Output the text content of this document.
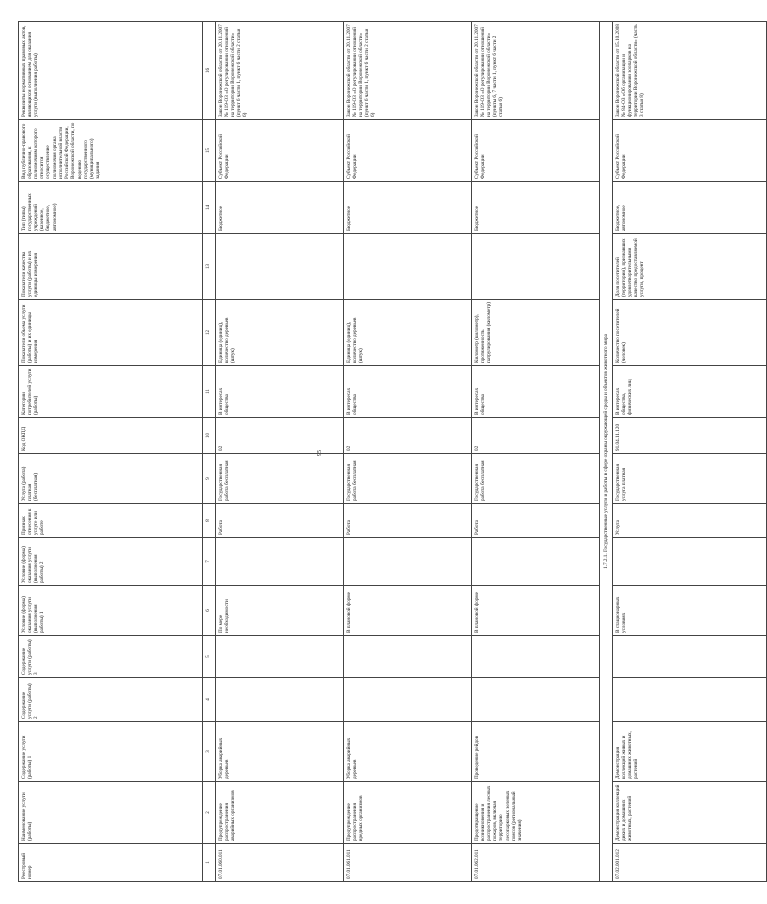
95
Реестровый номер	Наименование услуги (работы)	Содержание услуги (работы) 1	Содержание услуги (работы) 2	Содержание услуги (работы) 3	Условие (форма) оказания услуги (выполнения работы) 1	Условие (форма) оказания услуги (выполнения работы) 2	Признак отнесения к услуге или работе	Услуга (работа) платная (бесплатная)	Код ОКПД	Категории потребителей услуги (работы)	Показатели объема услуги (работы) и их единицы измерения	Показатели качества услуги (работы) и их единицы измерения	Тип (типы) государственных учреждений (казенное, бюджетное, автономное)	Вид публично-правового образования, к полномочиям которого относится осуществление полномочия органа исполнительной власти Российской Федерации, Воронежской области, по ведению государственного (муниципального) задания	Реквизиты нормативных правовых актов, являющихся основанием для оказания услуги (выполнения работы)
1	2	3	4	5	6	7	8	9	10	11	12	13	14	15	16
07.01.060.011	Предупреждение распространения аварийных организмов	Уборка аварийных деревьев			По мере необходимости		Работа	Государственная работа бесплатная	02	В интересах общества	Единица (единиц), количество деревьев (штук)		Бюджетное	Субъект Российской Федерации	Закон Воронежской области от 20.11.2007 № 119-ОЗ «О регулировании отношений на территории Воронежской области» (пункт 6 части 1, пункт 6 части 2 статьи 6)
07.01.061.011	Предупреждение распространения вредных организмов	Уборка аварийных деревьев			В плановой форме		Работа	Государственная работа бесплатная	02	В интересах общества	Единица (единиц), количество деревьев (штук)		Бюджетное	Субъект Российской Федерации	Закон Воронежской области от 20.11.2007 № 119-ОЗ «О регулировании отношений на территории Воронежской области» (пункт 6 части 1, пункт 6 части 2 статьи 6)
07.01.062.011	Предотвращение возникновения и распространения лесных пожаров, включая территорию лесопарковых зеленых поясов (региональный значения)	Проведение рейдов			В плановой форме		Работа	Государственная работа бесплатная	02	В интересах общества	Километр (километр), протяженность патрулирования (километр)		Бюджетное	Субъект Российской Федерации	Закон Воронежской области от 20.11.2007 № 119-ОЗ «О регулировании отношений на территории Воронежской области» (пункты 6, 7 части 1, пункт 6 части 2 статьи 6)
1.7.2.1. Государственные услуги и работы в сфере охраны окружающей среды и объектов животного мира															
07.02.001.012	Демонстрация коллекций диких и домашних животных, растений	Демонстрация коллекций живых и домашних животных, растений			В стационарных условиях		Услуга	Государственная услуга платная	91.04.11.120	В интересах общества, физических лиц	Количество посетителей (человек)	Доля посетителей (территории), признавших удовлетворительными качество предоставляемой услуги, процент	Бюджетное, автономное	Субъект Российской Федерации	Закон Воронежской области от 15.10.2008 № 84-ОЗ «Об организации и функционировании зоопарков на территории Воронежской области» (часть 3 статьи 8)
